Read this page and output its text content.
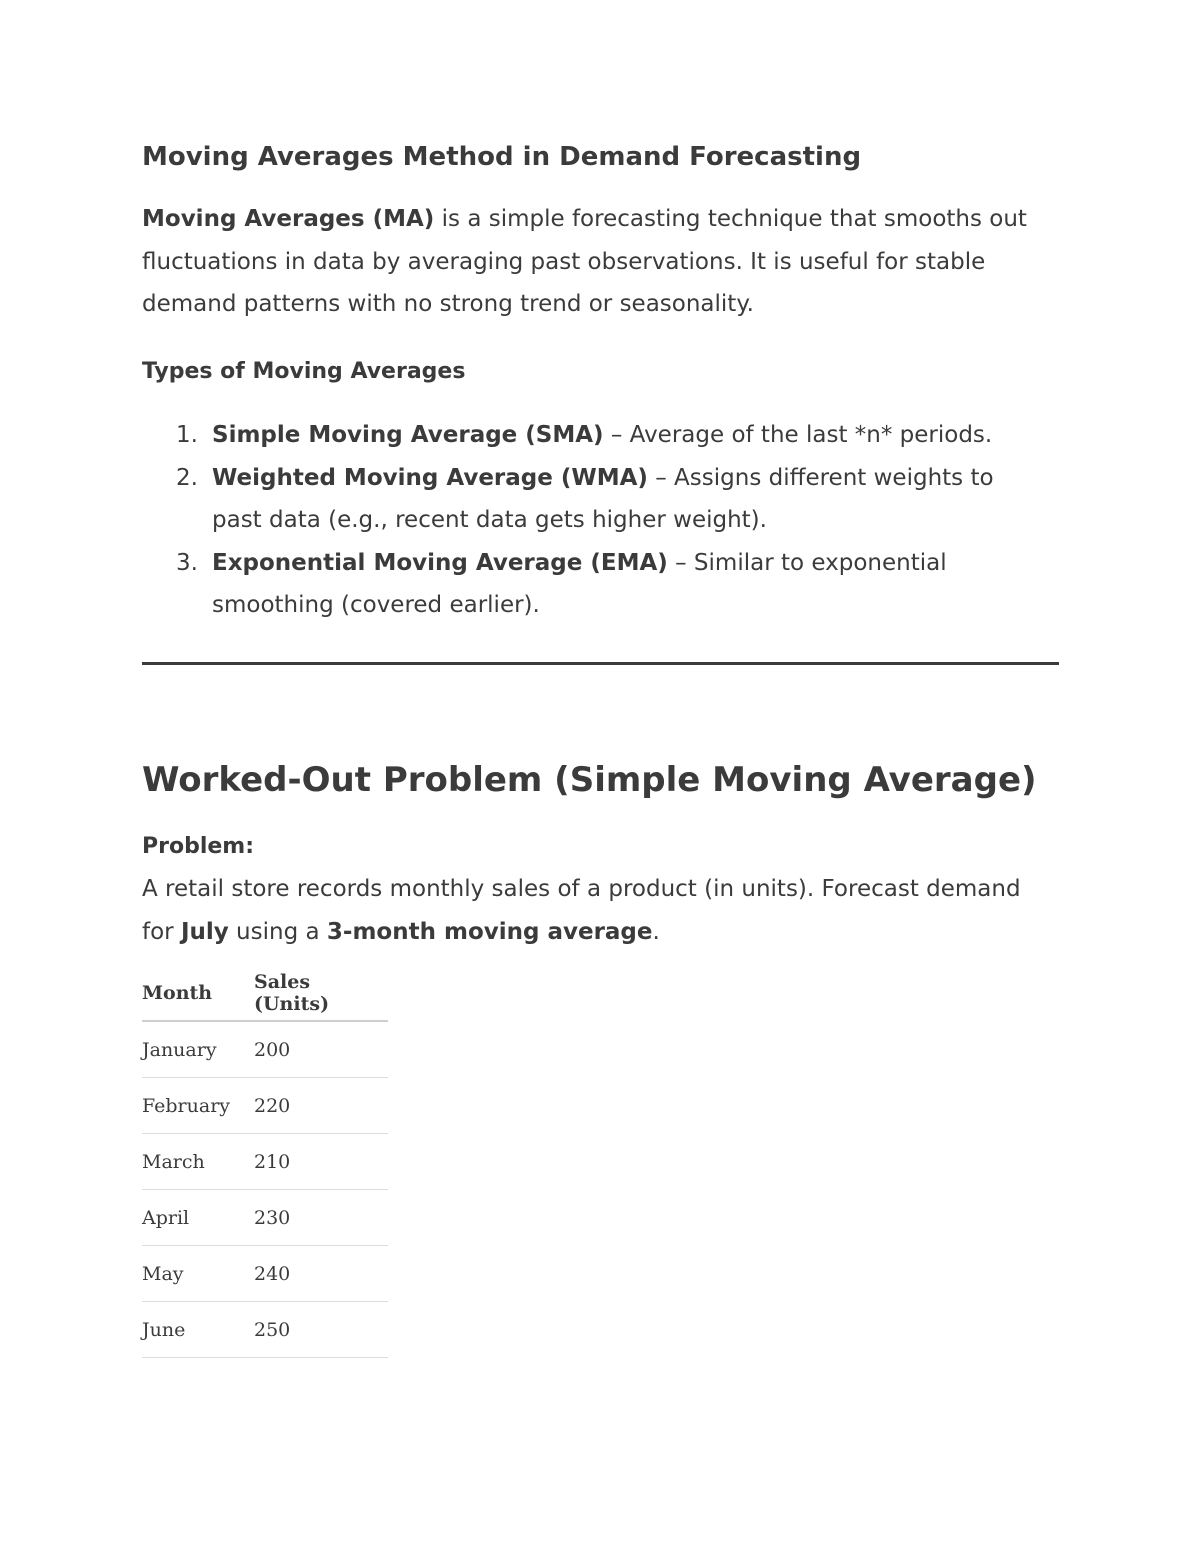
Moving Averages Method in Demand Forecasting

Moving Averages (MA) is a simple forecasting technique that smooths out fluctuations in data by averaging past observations. It is useful for stable demand patterns with no strong trend or seasonality.

Types of Moving Averages
1. Simple Moving Average (SMA) – Average of the last *n* periods.
2. Weighted Moving Average (WMA) – Assigns different weights to past data (e.g., recent data gets higher weight).
3. Exponential Moving Average (EMA) – Similar to exponential smoothing (covered earlier).
Worked-Out Problem (Simple Moving Average)

Problem:

A retail store records monthly sales of a product (in units). Forecast demand for July using a 3-month moving average.

Month	Sales (Units)
January	200
February	220
March	210
April	230
May	240
June	250
